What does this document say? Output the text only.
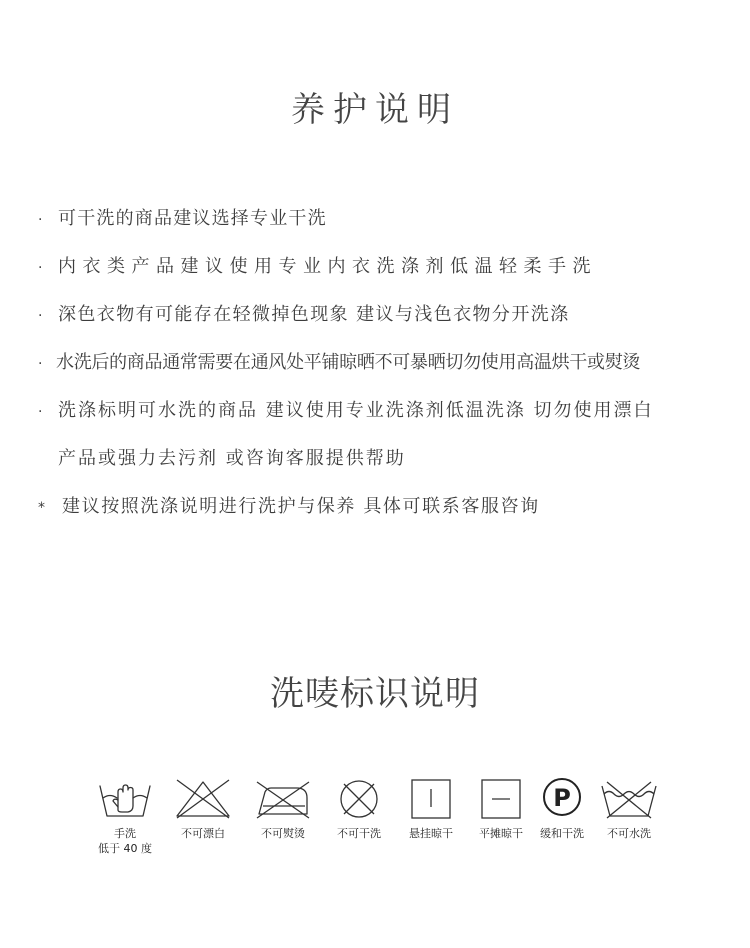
养护说明
· 可干洗的商品建议选择专业干洗
· 内衣类产品建议使用专业内衣洗涤剂低温轻柔手洗
· 深色衣物有可能存在轻微掉色现象 建议与浅色衣物分开洗涤
· 水洗后的商品通常需要在通风处平铺晾晒不可暴晒切勿使用高温烘干或熨烫
· 洗涤标明可水洗的商品 建议使用专业洗涤剂低温洗涤 切勿使用漂白
产品或强力去污剂 或咨询客服提供帮助
* 建议按照洗涤说明进行洗护与保养 具体可联系客服咨询
洗唛标识说明
手洗
低于 40 度
不可漂白	不可熨烫	不可干洗	悬挂晾干	平摊晾干
P
缓和干洗	不可水洗
